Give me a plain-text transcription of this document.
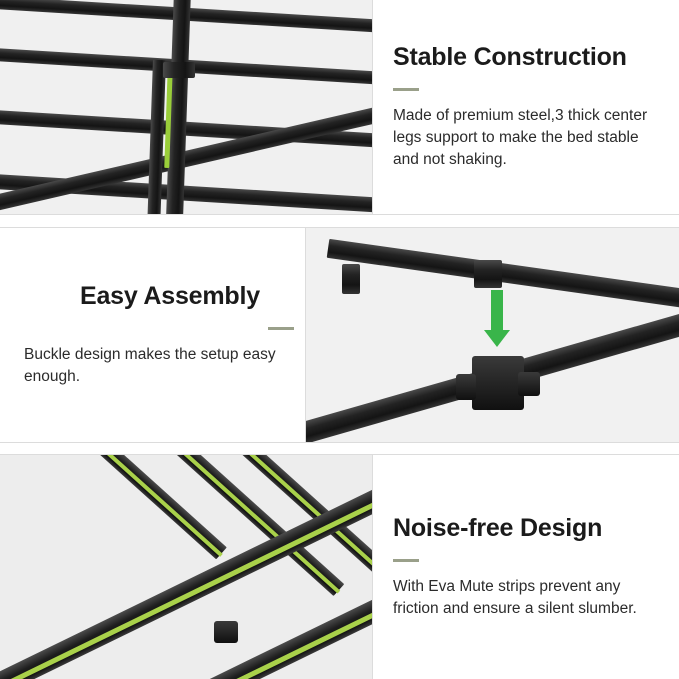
Stable Construction
Made of premium steel,3 thick center legs support to make the bed stable and not shaking.
Easy Assembly
Buckle design makes the setup easy enough.
Noise-free Design
With Eva Mute strips prevent any friction and ensure a silent slumber.
